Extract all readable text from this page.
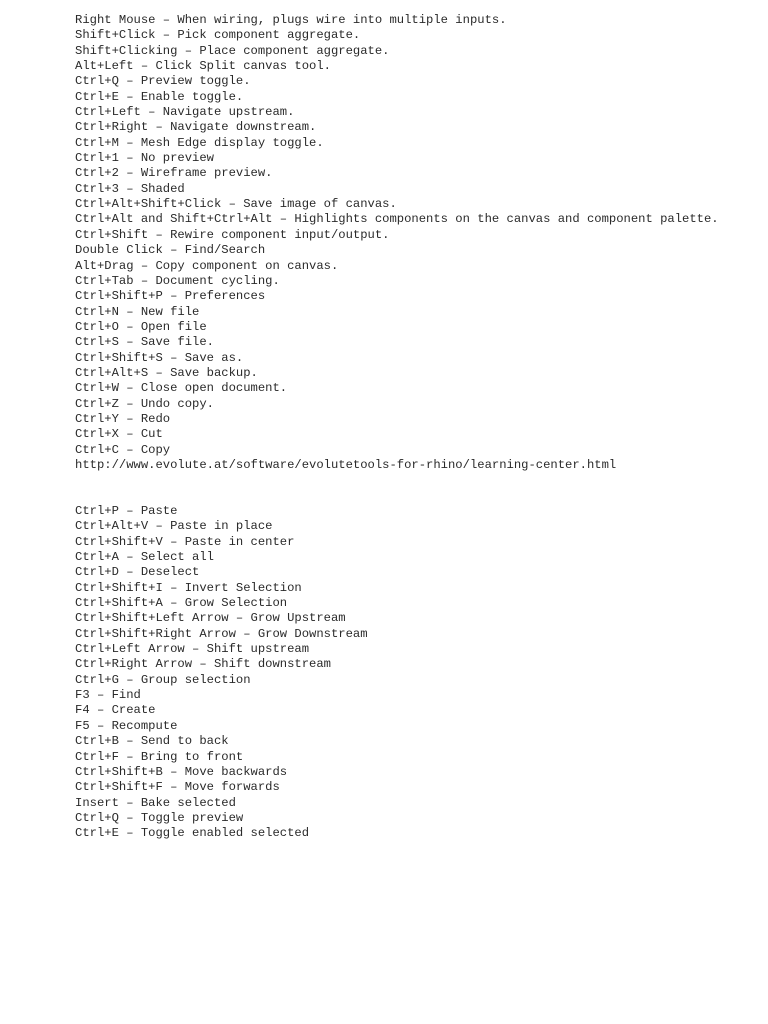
Right Mouse – When wiring, plugs wire into multiple inputs.

Shift+Click – Pick component aggregate.

Shift+Clicking – Place component aggregate.

Alt+Left – Click Split canvas tool.

Ctrl+Q – Preview toggle.

Ctrl+E – Enable toggle.

Ctrl+Left – Navigate upstream.

Ctrl+Right – Navigate downstream.

Ctrl+M – Mesh Edge display toggle.

Ctrl+1 – No preview

Ctrl+2 – Wireframe preview.

Ctrl+3 – Shaded

Ctrl+Alt+Shift+Click – Save image of canvas.

Ctrl+Alt and Shift+Ctrl+Alt – Highlights components on the canvas and component palette.

Ctrl+Shift – Rewire component input/output.

Double Click – Find/Search

Alt+Drag – Copy component on canvas.

Ctrl+Tab – Document cycling.

Ctrl+Shift+P – Preferences

Ctrl+N – New file

Ctrl+O – Open file

Ctrl+S – Save file.

Ctrl+Shift+S – Save as.

Ctrl+Alt+S – Save backup.

Ctrl+W – Close open document.

Ctrl+Z – Undo copy.

Ctrl+Y – Redo

Ctrl+X – Cut

Ctrl+C – Copy

http://www.evolute.at/software/evolutetools-for-rhino/learning-center.html

Ctrl+P – Paste

Ctrl+Alt+V – Paste in place

Ctrl+Shift+V – Paste in center

Ctrl+A – Select all

Ctrl+D – Deselect

Ctrl+Shift+I – Invert Selection

Ctrl+Shift+A – Grow Selection

Ctrl+Shift+Left Arrow – Grow Upstream

Ctrl+Shift+Right Arrow – Grow Downstream

Ctrl+Left Arrow – Shift upstream

Ctrl+Right Arrow – Shift downstream

Ctrl+G – Group selection

F3 – Find

F4 – Create

F5 – Recompute

Ctrl+B – Send to back

Ctrl+F – Bring to front

Ctrl+Shift+B – Move backwards

Ctrl+Shift+F – Move forwards

Insert – Bake selected

Ctrl+Q – Toggle preview

Ctrl+E – Toggle enabled selected
